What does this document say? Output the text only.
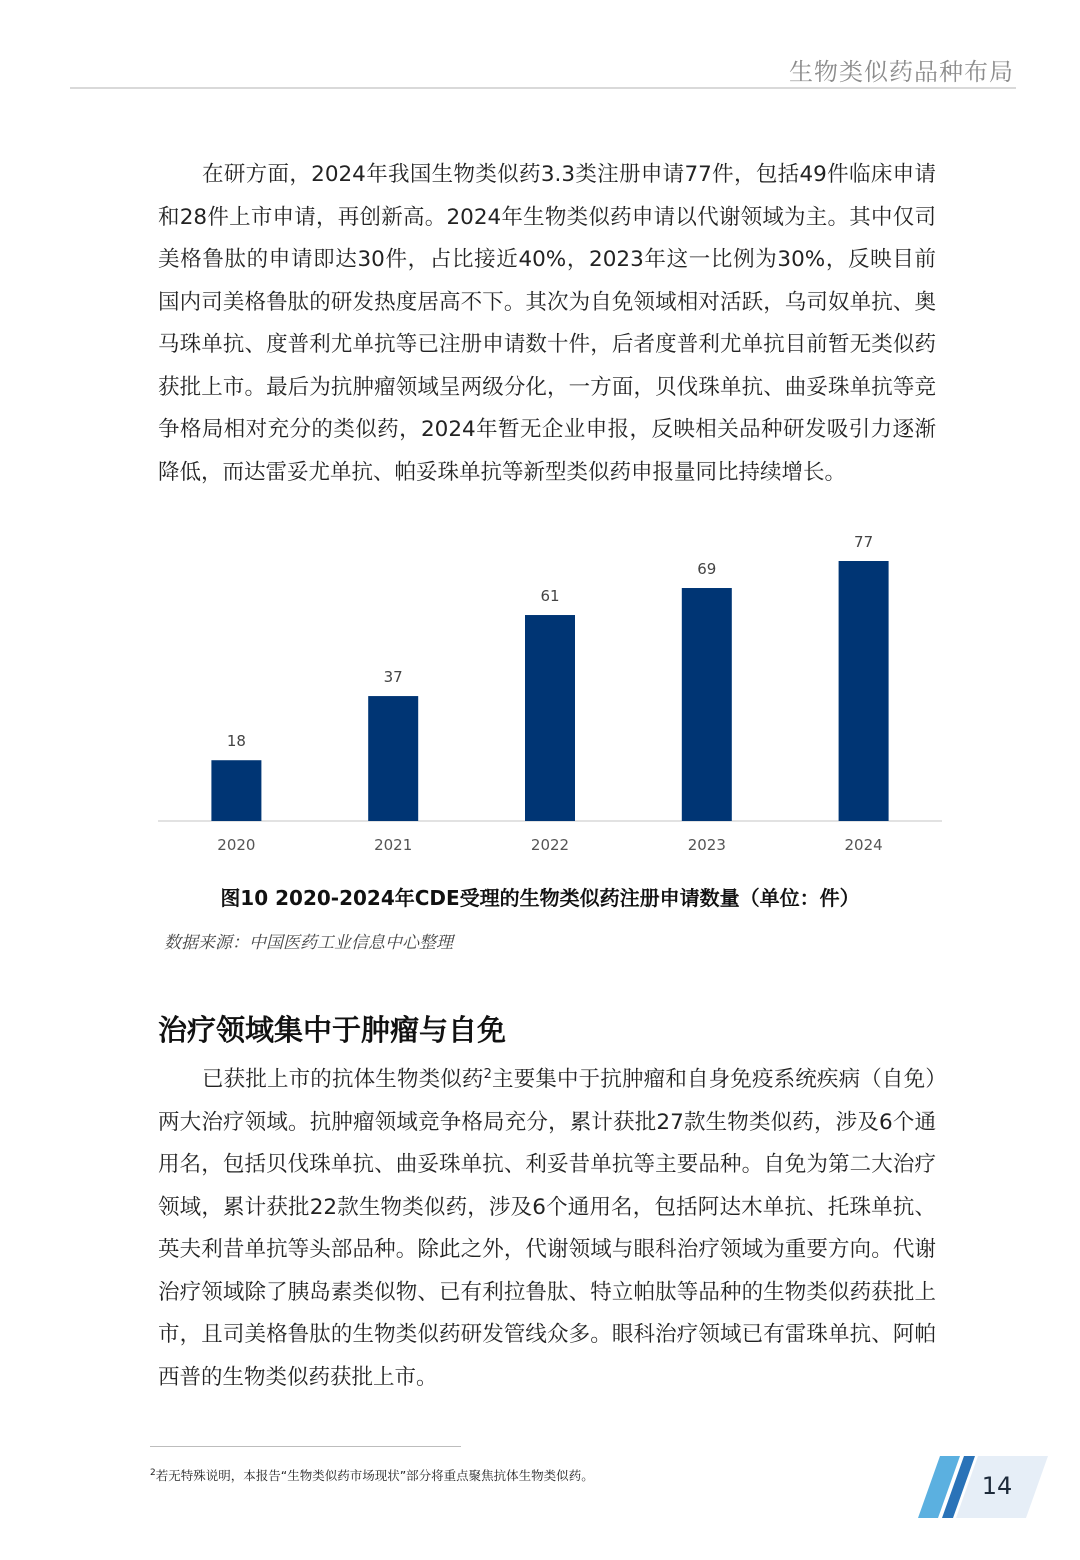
生物类似药品种布局

在研方面，2024年我国生物类似药3.3类注册申请77件，包括49件临床申请和28件上市申请，再创新高。2024年生物类似药申请以代谢领域为主。其中仅司美格鲁肽的申请即达30件，占比接近40%，2023年这一比例为30%，反映目前国内司美格鲁肽的研发热度居高不下。其次为自免领域相对活跃，乌司奴单抗、奥马珠单抗、度普利尤单抗等已注册申请数十件，后者度普利尤单抗目前暂无类似药获批上市。最后为抗肿瘤领域呈两级分化，一方面，贝伐珠单抗、曲妥珠单抗等竞争格局相对充分的类似药，2024年暂无企业申报，反映相关品种研发吸引力逐渐降低，而达雷妥尤单抗、帕妥珠单抗等新型类似药申报量同比持续增长。

18
2020
37
2021
61
2022
69
2023
77
2024
图10 2020-2024年CDE受理的生物类似药注册申请数量（单位：件）
数据来源：中国医药工业信息中心整理
治疗领域集中于肿瘤与自免

已获批上市的抗体生物类似药$^2$主要集中于抗肿瘤和自身免疫系统疾病（自免）两大治疗领域。抗肿瘤领域竞争格局充分，累计获批27款生物类似药，涉及6个通用名，包括贝伐珠单抗、曲妥珠单抗、利妥昔单抗等主要品种。自免为第二大治疗领域，累计获批22款生物类似药，涉及6个通用名，包括阿达木单抗、托珠单抗、英夫利昔单抗等头部品种。除此之外，代谢领域与眼科治疗领域为重要方向。代谢治疗领域除了胰岛素类似物、已有利拉鲁肽、特立帕肽等品种的生物类似药获批上市，且司美格鲁肽的生物类似药研发管线众多。眼科治疗领域已有雷珠单抗、阿帕西普的生物类似药获批上市。

$^2$若无特殊说明，本报告“生物类似药市场现状”部分将重点聚焦抗体生物类似药。	14
